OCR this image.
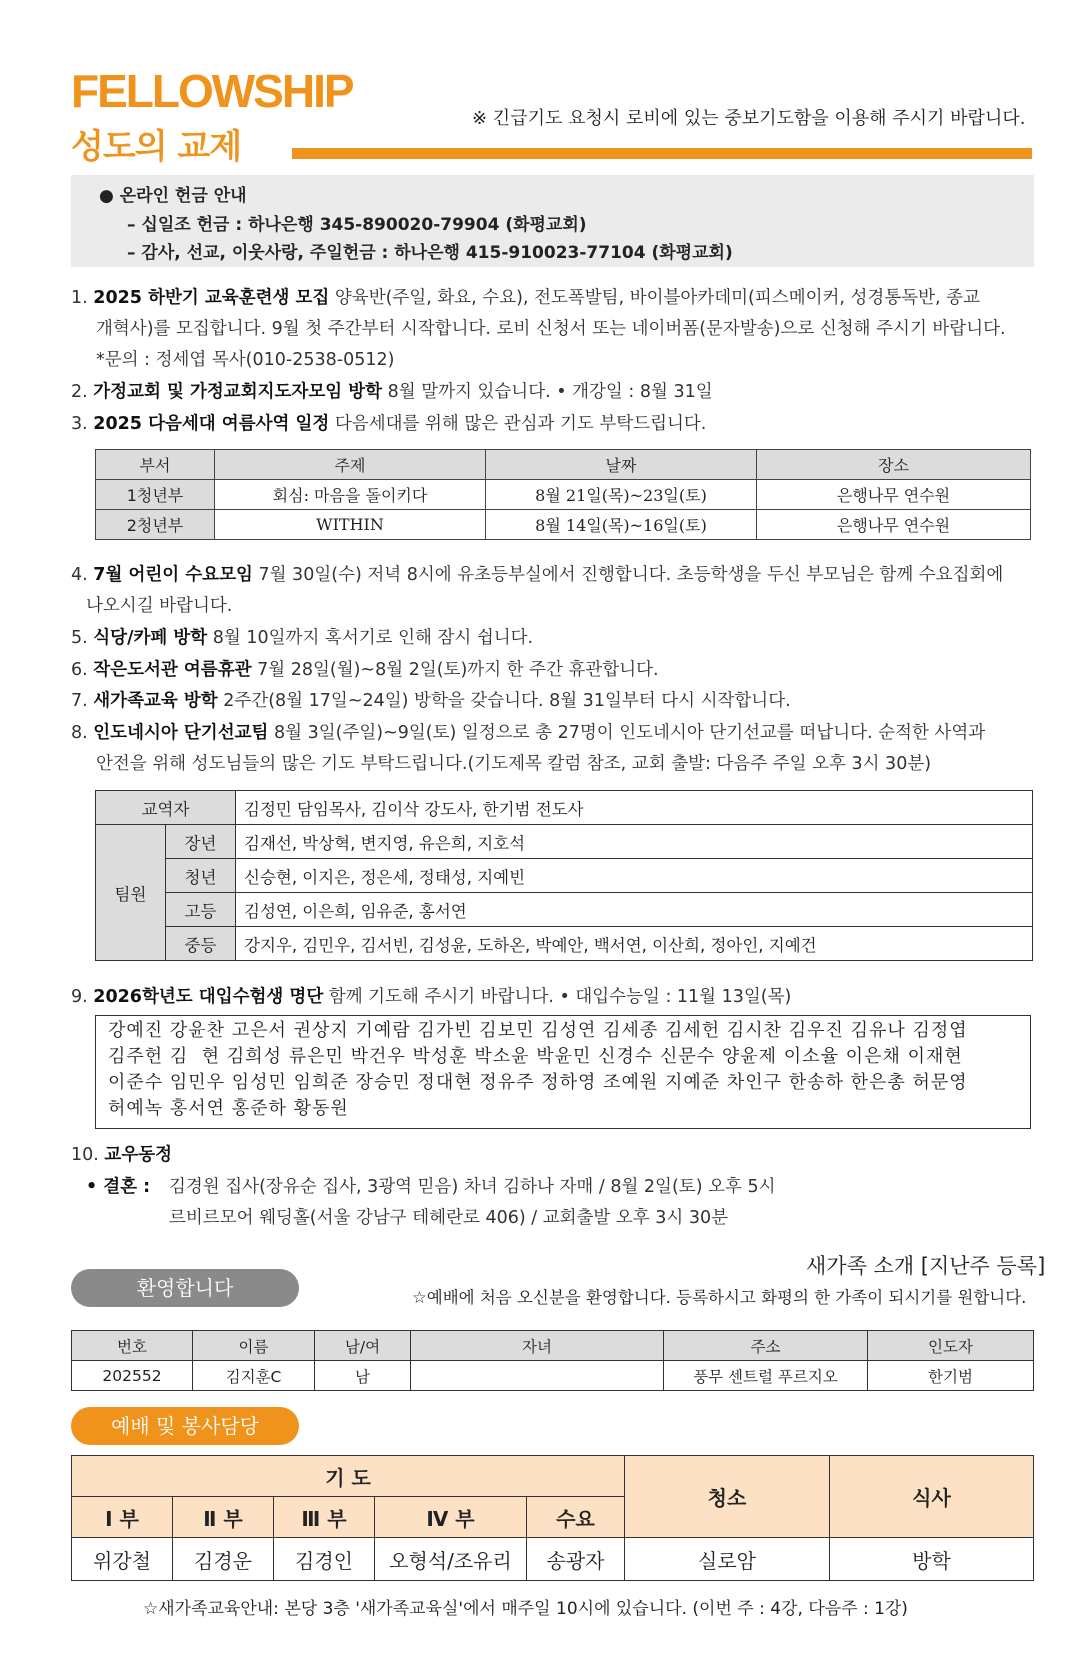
FELLOWSHIP
성도의 교제
※ 긴급기도 요청시 로비에 있는 중보기도함을 이용해 주시기 바랍니다.
● 온라인 헌금 안내
– 십일조 헌금 : 하나은행 345-890020-79904 (화평교회)
– 감사, 선교, 이웃사랑, 주일헌금 : 하나은행 415-910023-77104 (화평교회)
1. 2025 하반기 교육훈련생 모집 양육반(주일, 화요, 수요), 전도폭발팀, 바이블아카데미(피스메이커, 성경통독반, 종교
개혁사)를 모집합니다. 9월 첫 주간부터 시작합니다. 로비 신청서 또는 네이버폼(문자발송)으로 신청해 주시기 바랍니다.
*문의 : 정세엽 목사(010-2538-0512)
2. 가정교회 및 가정교회지도자모임 방학 8월 말까지 있습니다. • 개강일 : 8월 31일
3. 2025 다음세대 여름사역 일정 다음세대를 위해 많은 관심과 기도 부탁드립니다.
부서	주제	날짜	장소
1청년부	회심: 마음을 돌이키다	8월 21일(목)~23일(토)	은행나무 연수원
2청년부	WITHIN	8월 14일(목)~16일(토)	은행나무 연수원
4. 7월 어린이 수요모임 7월 30일(수) 저녁 8시에 유초등부실에서 진행합니다. 초등학생을 두신 부모님은 함께 수요집회에
나오시길 바랍니다.
5. 식당/카페 방학 8월 10일까지 혹서기로 인해 잠시 쉽니다.
6. 작은도서관 여름휴관 7월 28일(월)~8월 2일(토)까지 한 주간 휴관합니다.
7. 새가족교육 방학 2주간(8월 17일~24일) 방학을 갖습니다. 8월 31일부터 다시 시작합니다.
8. 인도네시아 단기선교팀 8월 3일(주일)~9일(토) 일정으로 총 27명이 인도네시아 단기선교를 떠납니다. 순적한 사역과
안전을 위해 성도님들의 많은 기도 부탁드립니다.(기도제목 칼럼 참조, 교회 출발: 다음주 주일 오후 3시 30분)
교역자		김정민 담임목사, 김이삭 강도사, 한기범 전도사
팀원	장년	김재선, 박상혁, 변지영, 유은희, 지호석
	청년	신승현, 이지은, 정은세, 정태성, 지예빈
	고등	김성연, 이은희, 임유준, 홍서연
	중등	강지우, 김민우, 김서빈, 김성윤, 도하온, 박예안, 백서연, 이산희, 정아인, 지예건
9. 2026학년도 대입수험생 명단 함께 기도해 주시기 바랍니다. • 대입수능일 : 11월 13일(목)
강예진 강윤찬 고은서 권상지 기예람 김가빈 김보민 김성연 김세종 김세헌 김시찬 김우진 김유나 김정엽
김주헌 김  현 김희성 류은민 박건우 박성훈 박소윤 박윤민 신경수 신문수 양윤제 이소율 이은채 이재현
이준수 임민우 임성민 임희준 장승민 정대현 정유주 정하영 조예원 지예준 차인구 한송하 한은총 허문영
허예녹 홍서연 홍준하 황동원
10. 교우동정
• 결혼 : 김경원 집사(장유순 집사, 3광역 믿음) 차녀 김하나 자매 / 8월 2일(토) 오후 5시
르비르모어 웨딩홀(서울 강남구 테헤란로 406) / 교회출발 오후 3시 30분
새가족 소개 [지난주 등록]
환영합니다	☆예배에 처음 오신분을 환영합니다. 등록하시고 화평의 한 가족이 되시기를 원합니다.
번호	이름	남/여	자녀	주소	인도자
202552	김지훈C	남		풍무 센트럴 푸르지오	한기범
예배 및 봉사담당
기 도					청소	식사
Ⅰ 부	Ⅱ 부	Ⅲ 부	Ⅳ 부	수요		
위강철	김경운	김경인	오형석/조유리	송광자	실로암	방학
☆새가족교육안내: 본당 3층 '새가족교육실'에서 매주일 10시에 있습니다. (이번 주 : 4강, 다음주 : 1강)
